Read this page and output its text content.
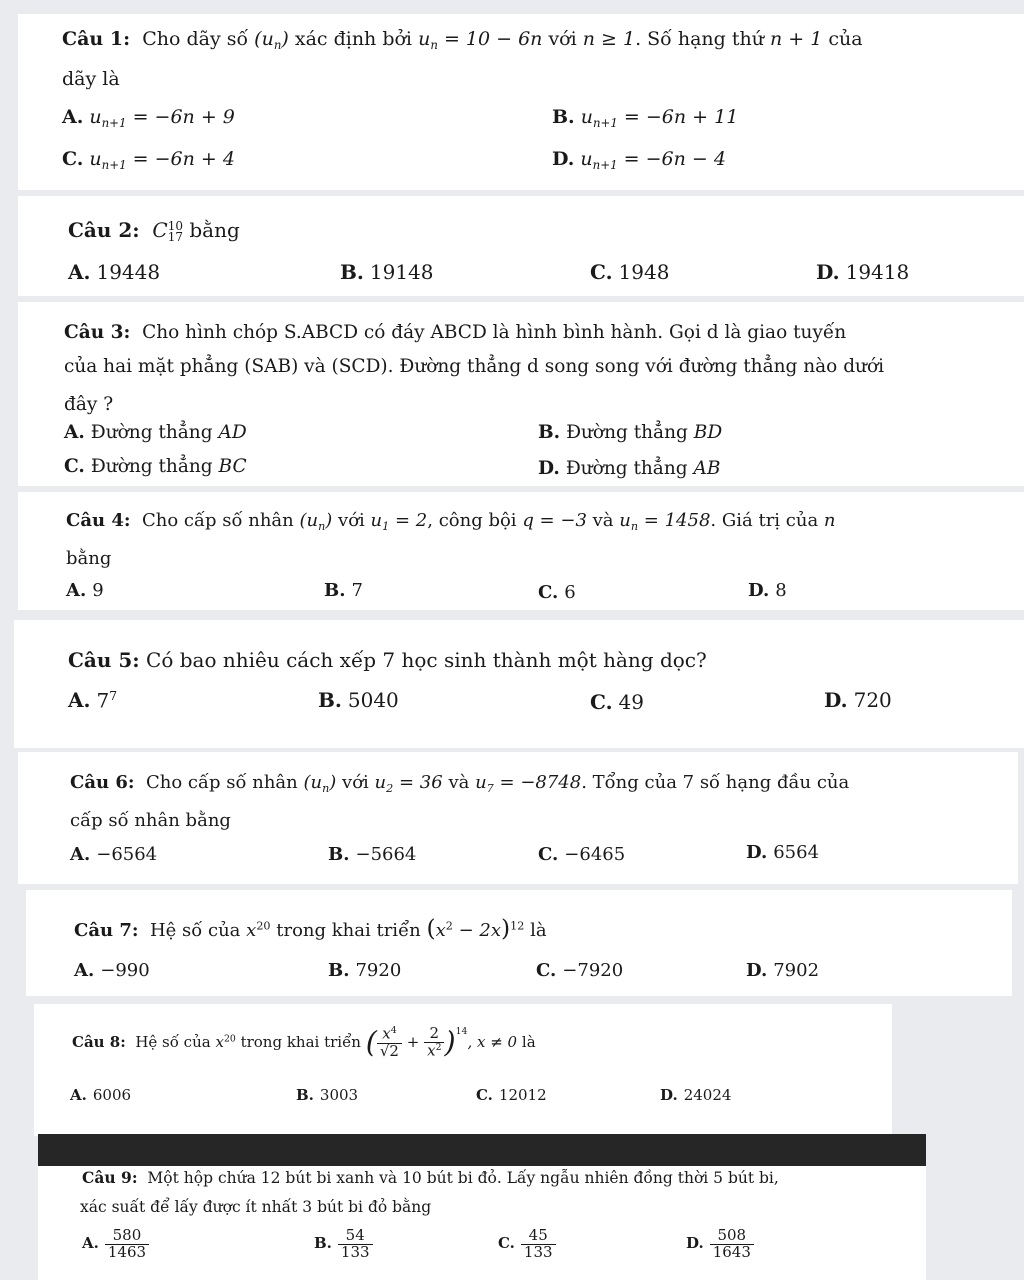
Câu 1: Cho dãy số $(u_n)$ xác định bởi $u_n = 10 - 6n$ với n ≥ 1. Số hạng thứ n + 1 của
dãy là
A. $u_{n+1} = -6n + 9$	B. $u_{n+1} = -6n + 11$
C. $u_{n+1} = -6n + 4$	D. $u_{n+1} = -6n - 4$
Câu 2: C 10
17 bằng
A. 19448	B. 19148	C. 1948	D. 19418
Câu 3: Cho hình chóp S.ABCD có đáy ABCD là hình bình hành. Gọi d là giao tuyến
của hai mặt phẳng (SAB) và (SCD). Đường thẳng d song song với đường thẳng nào dưới
đây ?
A. Đường thẳng AD	B. Đường thẳng BD
C. Đường thẳng BC	D. Đường thẳng AB
Câu 4: Cho cấp số nhân $(u_n)$ với $u_1 = 2$, công bội q = −3 và $u_n = 1458$. Giá trị của n
bằng
A. 9	B. 7	C. 6	D. 8
Câu 5: Có bao nhiêu cách xếp 7 học sinh thành một hàng dọc?
A. $7^7$	B. 5040	C. 49	D. 720
Câu 6: Cho cấp số nhân $(u_n)$ với $u_2 = 36$ và $u_7 = -8748$. Tổng của 7 số hạng đầu của
cấp số nhân bằng
A. −6564	B. −5664	C. −6465	D. 6564
Câu 7: Hệ số của $x^{20}$ trong khai triển $(x^2 - 2x)^{12}$ là
A. −990	B. 7920	C. −7920	D. 7902
Câu 8: Hệ số của $x^{20}$ trong khai triển ( $\frac{x^4}{√2} + \frac{2}{x^2} )^{14}$, x ≠ 0 là
A. 6006	B. 3003	C. 12012	D. 24024
Câu 9: Một hộp chứa 12 bút bi xanh và 10 bút bi đỏ. Lấy ngẫu nhiên đồng thời 5 bút bi,
xác suất để lấy được ít nhất 3 bút bi đỏ bằng
A. $\frac{580}{1463}$	B. $\frac{54}{133}$	C. $\frac{45}{133}$	D. $\frac{508}{1643}$
